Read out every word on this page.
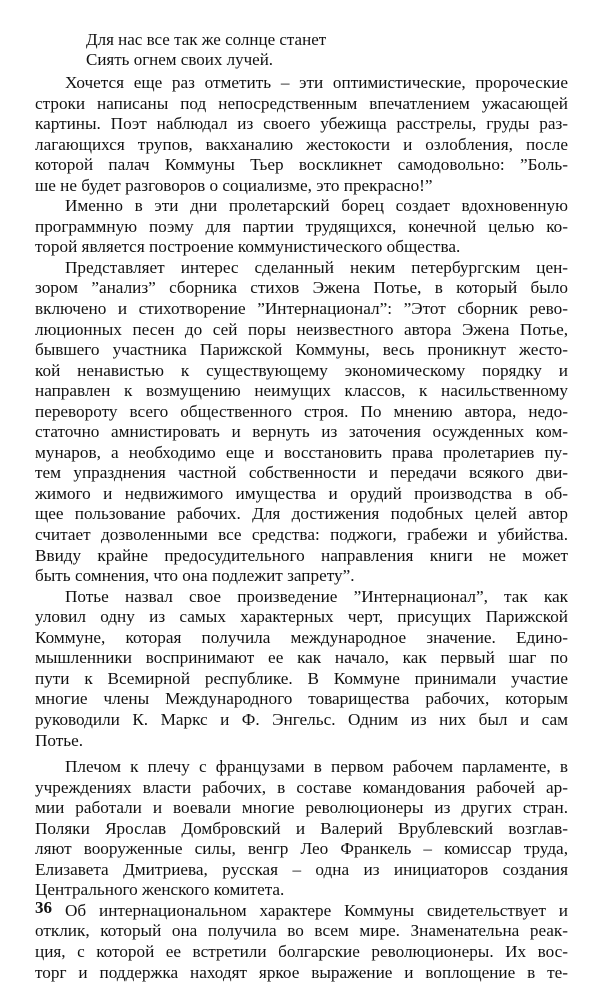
Для нас все так же солнце станет
Сиять огнем своих лучей.
Хочется еще раз отметить – эти оптимистические, пророческие
строки написаны под непосредственным впечатлением ужасающей
картины. Поэт наблюдал из своего убежища расстрелы, груды раз-
лагающихся трупов, вакханалию жестокости и озлобления, после
которой палач Коммуны Тьер воскликнет самодовольно: ”Боль-
ше не будет разговоров о социализме, это прекрасно!”
Именно в эти дни пролетарский борец создает вдохновенную
программную поэму для партии трудящихся, конечной целью ко-
торой является построение коммунистического общества.
Представляет интерес сделанный неким петербургским цен-
зором ”анализ” сборника стихов Эжена Потье, в который было
включено и стихотворение ”Интернационал”: ”Этот сборник рево-
люционных песен до сей поры неизвестного автора Эжена Потье,
бывшего участника Парижской Коммуны, весь проникнут жесто-
кой ненавистью к существующему экономическому порядку и
направлен к возмущению неимущих классов, к насильственному
перевороту всего общественного строя. По мнению автора, недо-
статочно амнистировать и вернуть из заточения осужденных ком-
мунаров, а необходимо еще и восстановить права пролетариев пу-
тем упразднения частной собственности и передачи всякого дви-
жимого и недвижимого имущества и орудий производства в об-
щее пользование рабочих. Для достижения подобных целей автор
считает дозволенными все средства: поджоги, грабежи и убийства.
Ввиду крайне предосудительного направления книги не может
быть сомнения, что она подлежит запрету”.
Потье назвал свое произведение ”Интернационал”, так как
уловил одну из самых характерных черт, присущих Парижской
Коммуне, которая получила международное значение. Едино-
мышленники воспринимают ее как начало, как первый шаг по
пути к Всемирной республике. В Коммуне принимали участие
многие члены Международного товарищества рабочих, которым
руководили К. Маркс и Ф. Энгельс. Одним из них был и сам
Потье.
Плечом к плечу с французами в первом рабочем парламенте, в
учреждениях власти рабочих, в составе командования рабочей ар-
мии работали и воевали многие революционеры из других стран.
Поляки Ярослав Домбровский и Валерий Врублевский возглав-
ляют вооруженные силы, венгр Лео Франкель – комиссар труда,
Елизавета Дмитриева, русская – одна из инициаторов создания
Центрального женского комитета.
Об интернациональном характере Коммуны свидетельствует и
отклик, который она получила во всем мире. Знаменательна реак-
ция, с которой ее встретили болгарские революционеры. Их вос-
торг и поддержка находят яркое выражение и воплощение в те-
36
